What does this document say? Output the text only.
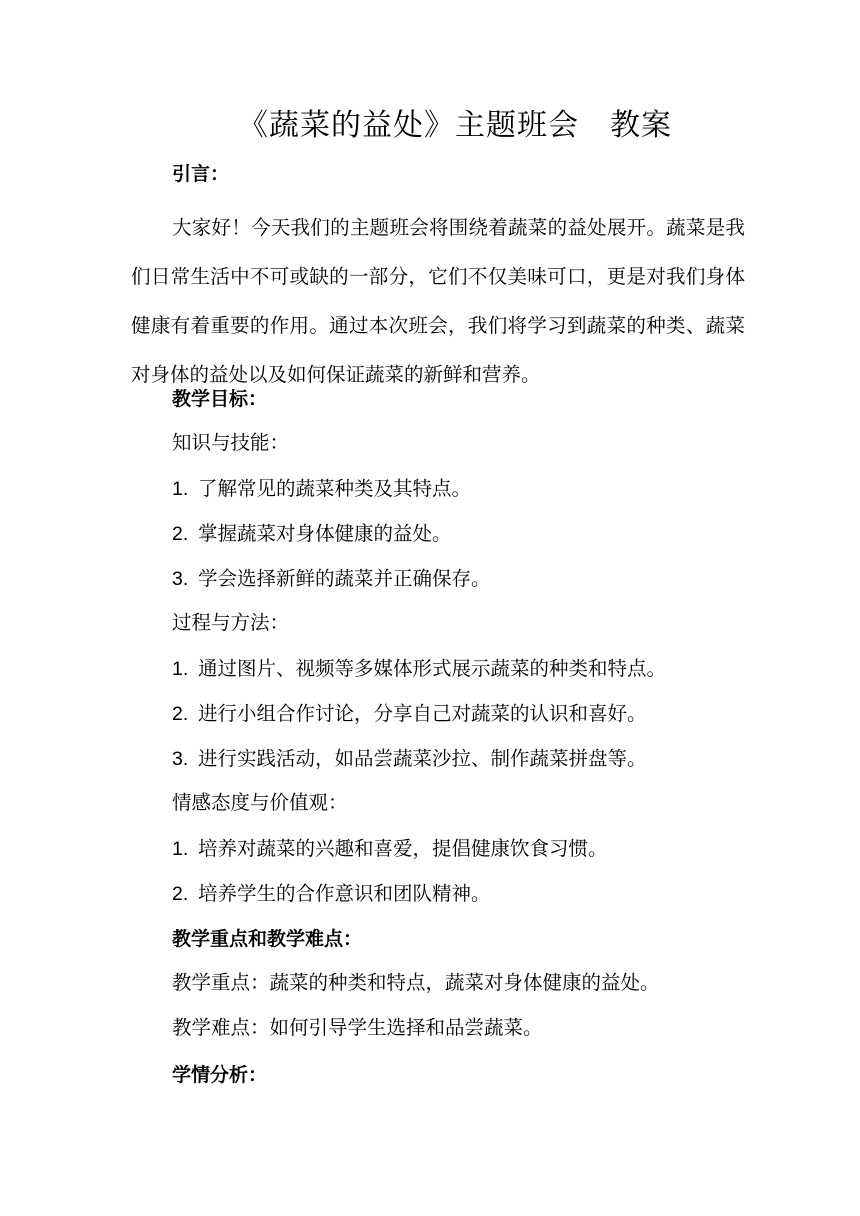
《蔬菜的益处》主题班会　教案
引言：
大家好！今天我们的主题班会将围绕着蔬菜的益处展开。蔬菜是我们日常生活中不可或缺的一部分，它们不仅美味可口，更是对我们身体健康有着重要的作用。通过本次班会，我们将学习到蔬菜的种类、蔬菜对身体的益处以及如何保证蔬菜的新鲜和营养。
教学目标：
知识与技能：
1. 了解常见的蔬菜种类及其特点。
2. 掌握蔬菜对身体健康的益处。
3. 学会选择新鲜的蔬菜并正确保存。
过程与方法：
1. 通过图片、视频等多媒体形式展示蔬菜的种类和特点。
2. 进行小组合作讨论，分享自己对蔬菜的认识和喜好。
3. 进行实践活动，如品尝蔬菜沙拉、制作蔬菜拼盘等。
情感态度与价值观：
1. 培养对蔬菜的兴趣和喜爱，提倡健康饮食习惯。
2. 培养学生的合作意识和团队精神。
教学重点和教学难点：
教学重点：蔬菜的种类和特点，蔬菜对身体健康的益处。
教学难点：如何引导学生选择和品尝蔬菜。
学情分析：
